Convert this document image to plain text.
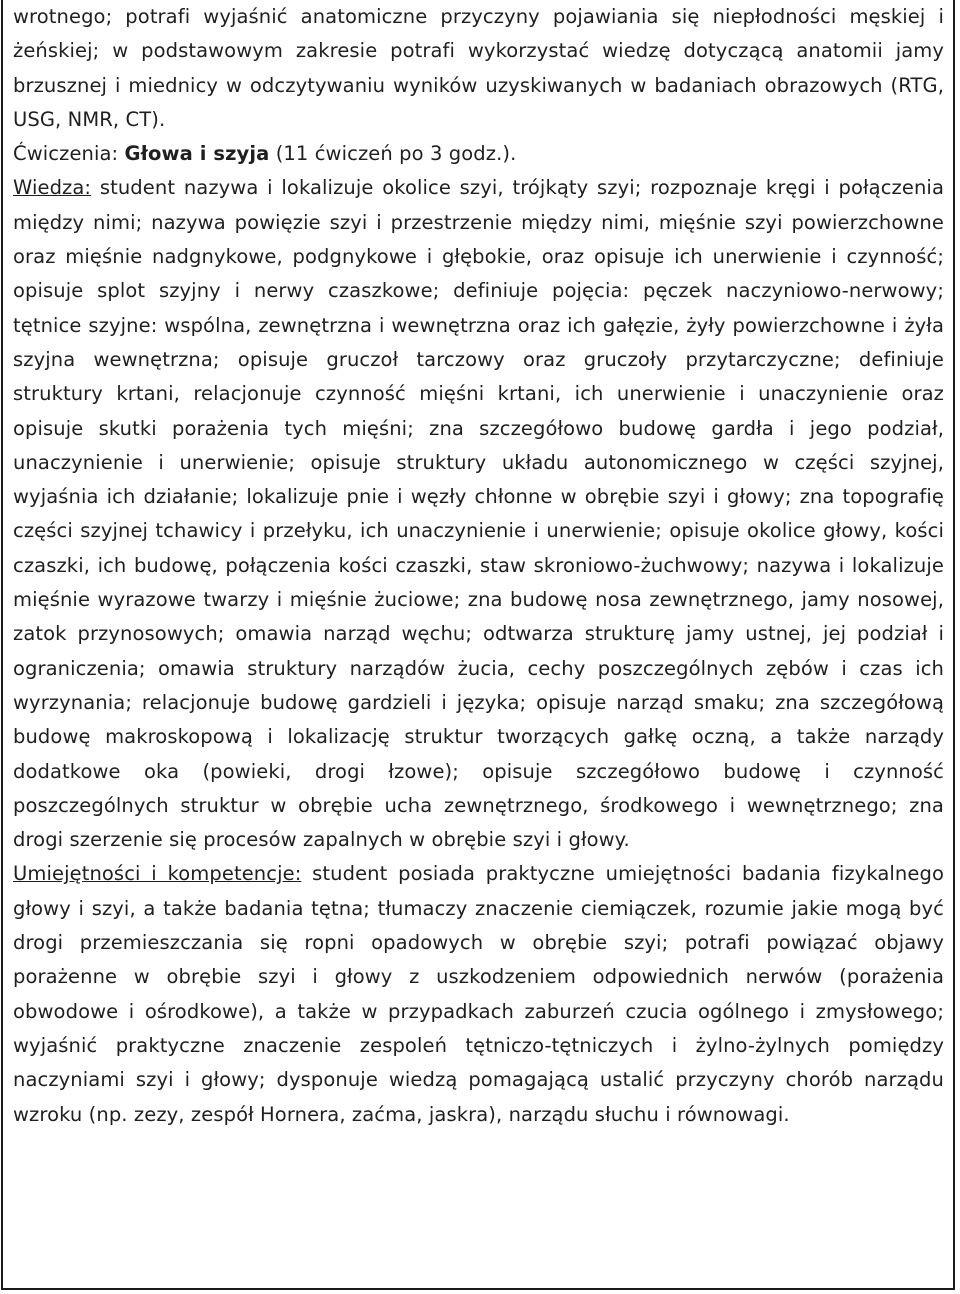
wrotnego; potrafi wyjaśnić anatomiczne przyczyny pojawiania się niepłodności męskiej i żeńskiej; w podstawowym zakresie potrafi wykorzystać wiedzę dotyczącą anatomii jamy brzusznej i miednicy w odczytywaniu wyników uzyskiwanych w badaniach obrazowych (RTG, USG, NMR, CT).

Ćwiczenia: Głowa i szyja (11 ćwiczeń po 3 godz.).

Wiedza: student nazywa i lokalizuje okolice szyi, trójkąty szyi; rozpoznaje kręgi i połączenia między nimi; nazywa powięzie szyi i przestrzenie między nimi, mięśnie szyi powierzchowne oraz mięśnie nadgnykowe, podgnykowe i głębokie, oraz opisuje ich unerwienie i czynność; opisuje splot szyjny i nerwy czaszkowe; definiuje pojęcia: pęczek naczyniowo-nerwowy; tętnice szyjne: wspólna, zewnętrzna i wewnętrzna oraz ich gałęzie, żyły powierzchowne i żyła szyjna wewnętrzna; opisuje gruczoł tarczowy oraz gruczoły przytarczyczne; definiuje struktury krtani, relacjonuje czynność mięśni krtani, ich unerwienie i unaczynienie oraz opisuje skutki porażenia tych mięśni; zna szczegółowo budowę gardła i jego podział, unaczynienie i unerwienie; opisuje struktury układu autonomicznego w części szyjnej, wyjaśnia ich działanie; lokalizuje pnie i węzły chłonne w obrębie szyi i głowy; zna topografię części szyjnej tchawicy i przełyku, ich unaczynienie i unerwienie; opisuje okolice głowy, kości czaszki, ich budowę, połączenia kości czaszki, staw skroniowo-żuchwowy; nazywa i lokalizuje mięśnie wyrazowe twarzy i mięśnie żuciowe; zna budowę nosa zewnętrznego, jamy nosowej, zatok przynosowych; omawia narząd węchu; odtwarza strukturę jamy ustnej, jej podział i ograniczenia; omawia struktury narządów żucia, cechy poszczególnych zębów i czas ich wyrzynania; relacjonuje budowę gardzieli i języka; opisuje narząd smaku; zna szczegółową budowę makroskopową i lokalizację struktur tworzących gałkę oczną, a także narządy dodatkowe oka (powieki, drogi łzowe); opisuje szczegółowo budowę i czynność poszczególnych struktur w obrębie ucha zewnętrznego, środkowego i wewnętrznego; zna drogi szerzenie się procesów zapalnych w obrębie szyi i głowy.

Umiejętności i kompetencje: student posiada praktyczne umiejętności badania fizykalnego głowy i szyi, a także badania tętna; tłumaczy znaczenie ciemiączek, rozumie jakie mogą być drogi przemieszczania się ropni opadowych w obrębie szyi; potrafi powiązać objawy porażenne w obrębie szyi i głowy z uszkodzeniem odpowiednich nerwów (porażenia obwodowe i ośrodkowe), a także w przypadkach zaburzeń czucia ogólnego i zmysłowego; wyjaśnić praktyczne znaczenie zespoleń tętniczo-tętniczych i żylno-żylnych pomiędzy naczyniami szyi i głowy; dysponuje wiedzą pomagającą ustalić przyczyny chorób narządu wzroku (np. zezy, zespół Hornera, zaćma, jaskra), narządu słuchu i równowagi.
